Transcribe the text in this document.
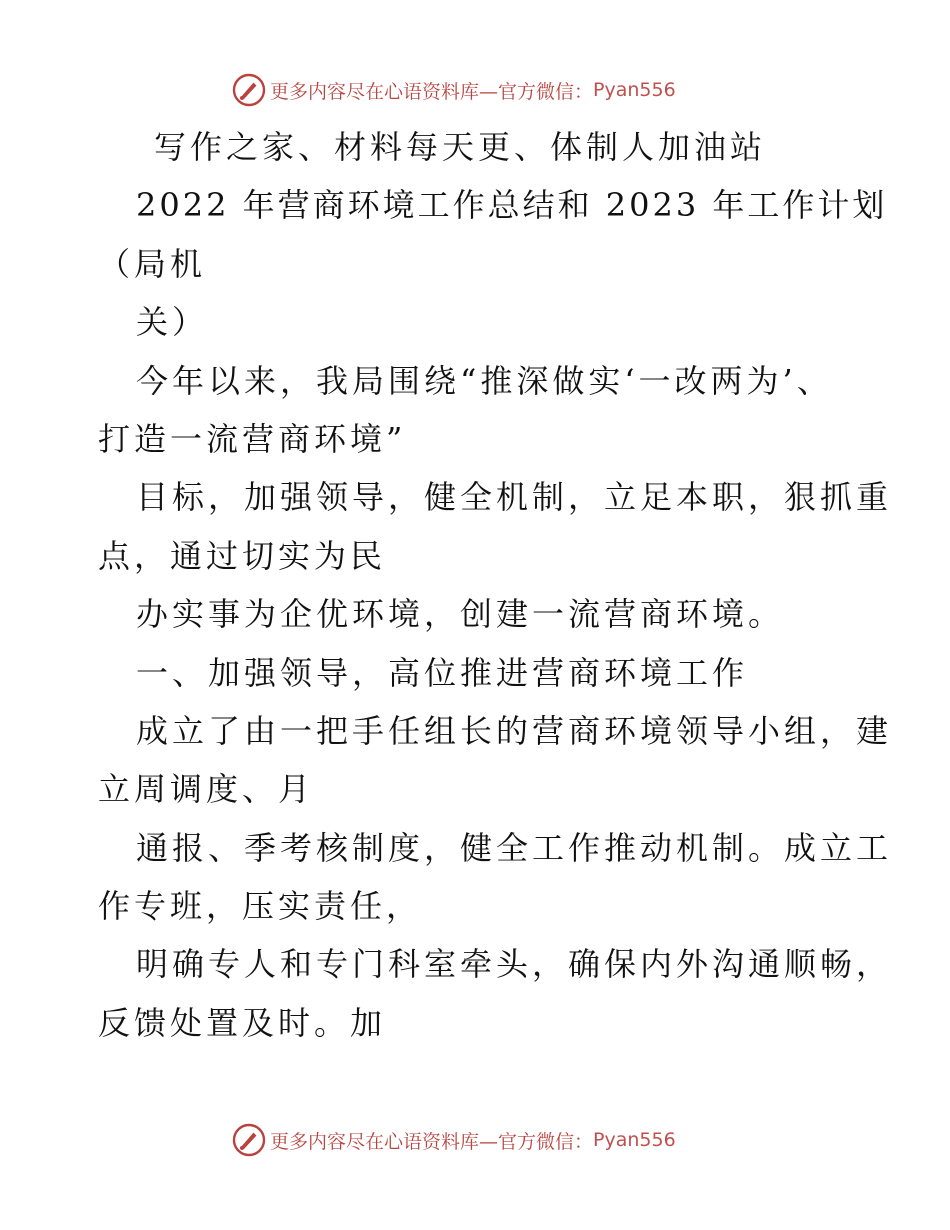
更多内容尽在心语资料库—官方微信： Pyan556
写作之家、材料每天更、体制人加油站
2022 年营商环境工作总结和 2023 年工作计划
（局机
关）
今年以来，我局围绕“推深做实‘一改两为’、
打造一流营商环境”
目标，加强领导，健全机制，立足本职，狠抓重
点，通过切实为民
办实事为企优环境，创建一流营商环境。
一、加强领导，高位推进营商环境工作
成立了由一把手任组长的营商环境领导小组，建
立周调度、月
通报、季考核制度，健全工作推动机制。成立工
作专班，压实责任，
明确专人和专门科室牵头，确保内外沟通顺畅，
反馈处置及时。加
更多内容尽在心语资料库—官方微信： Pyan556
